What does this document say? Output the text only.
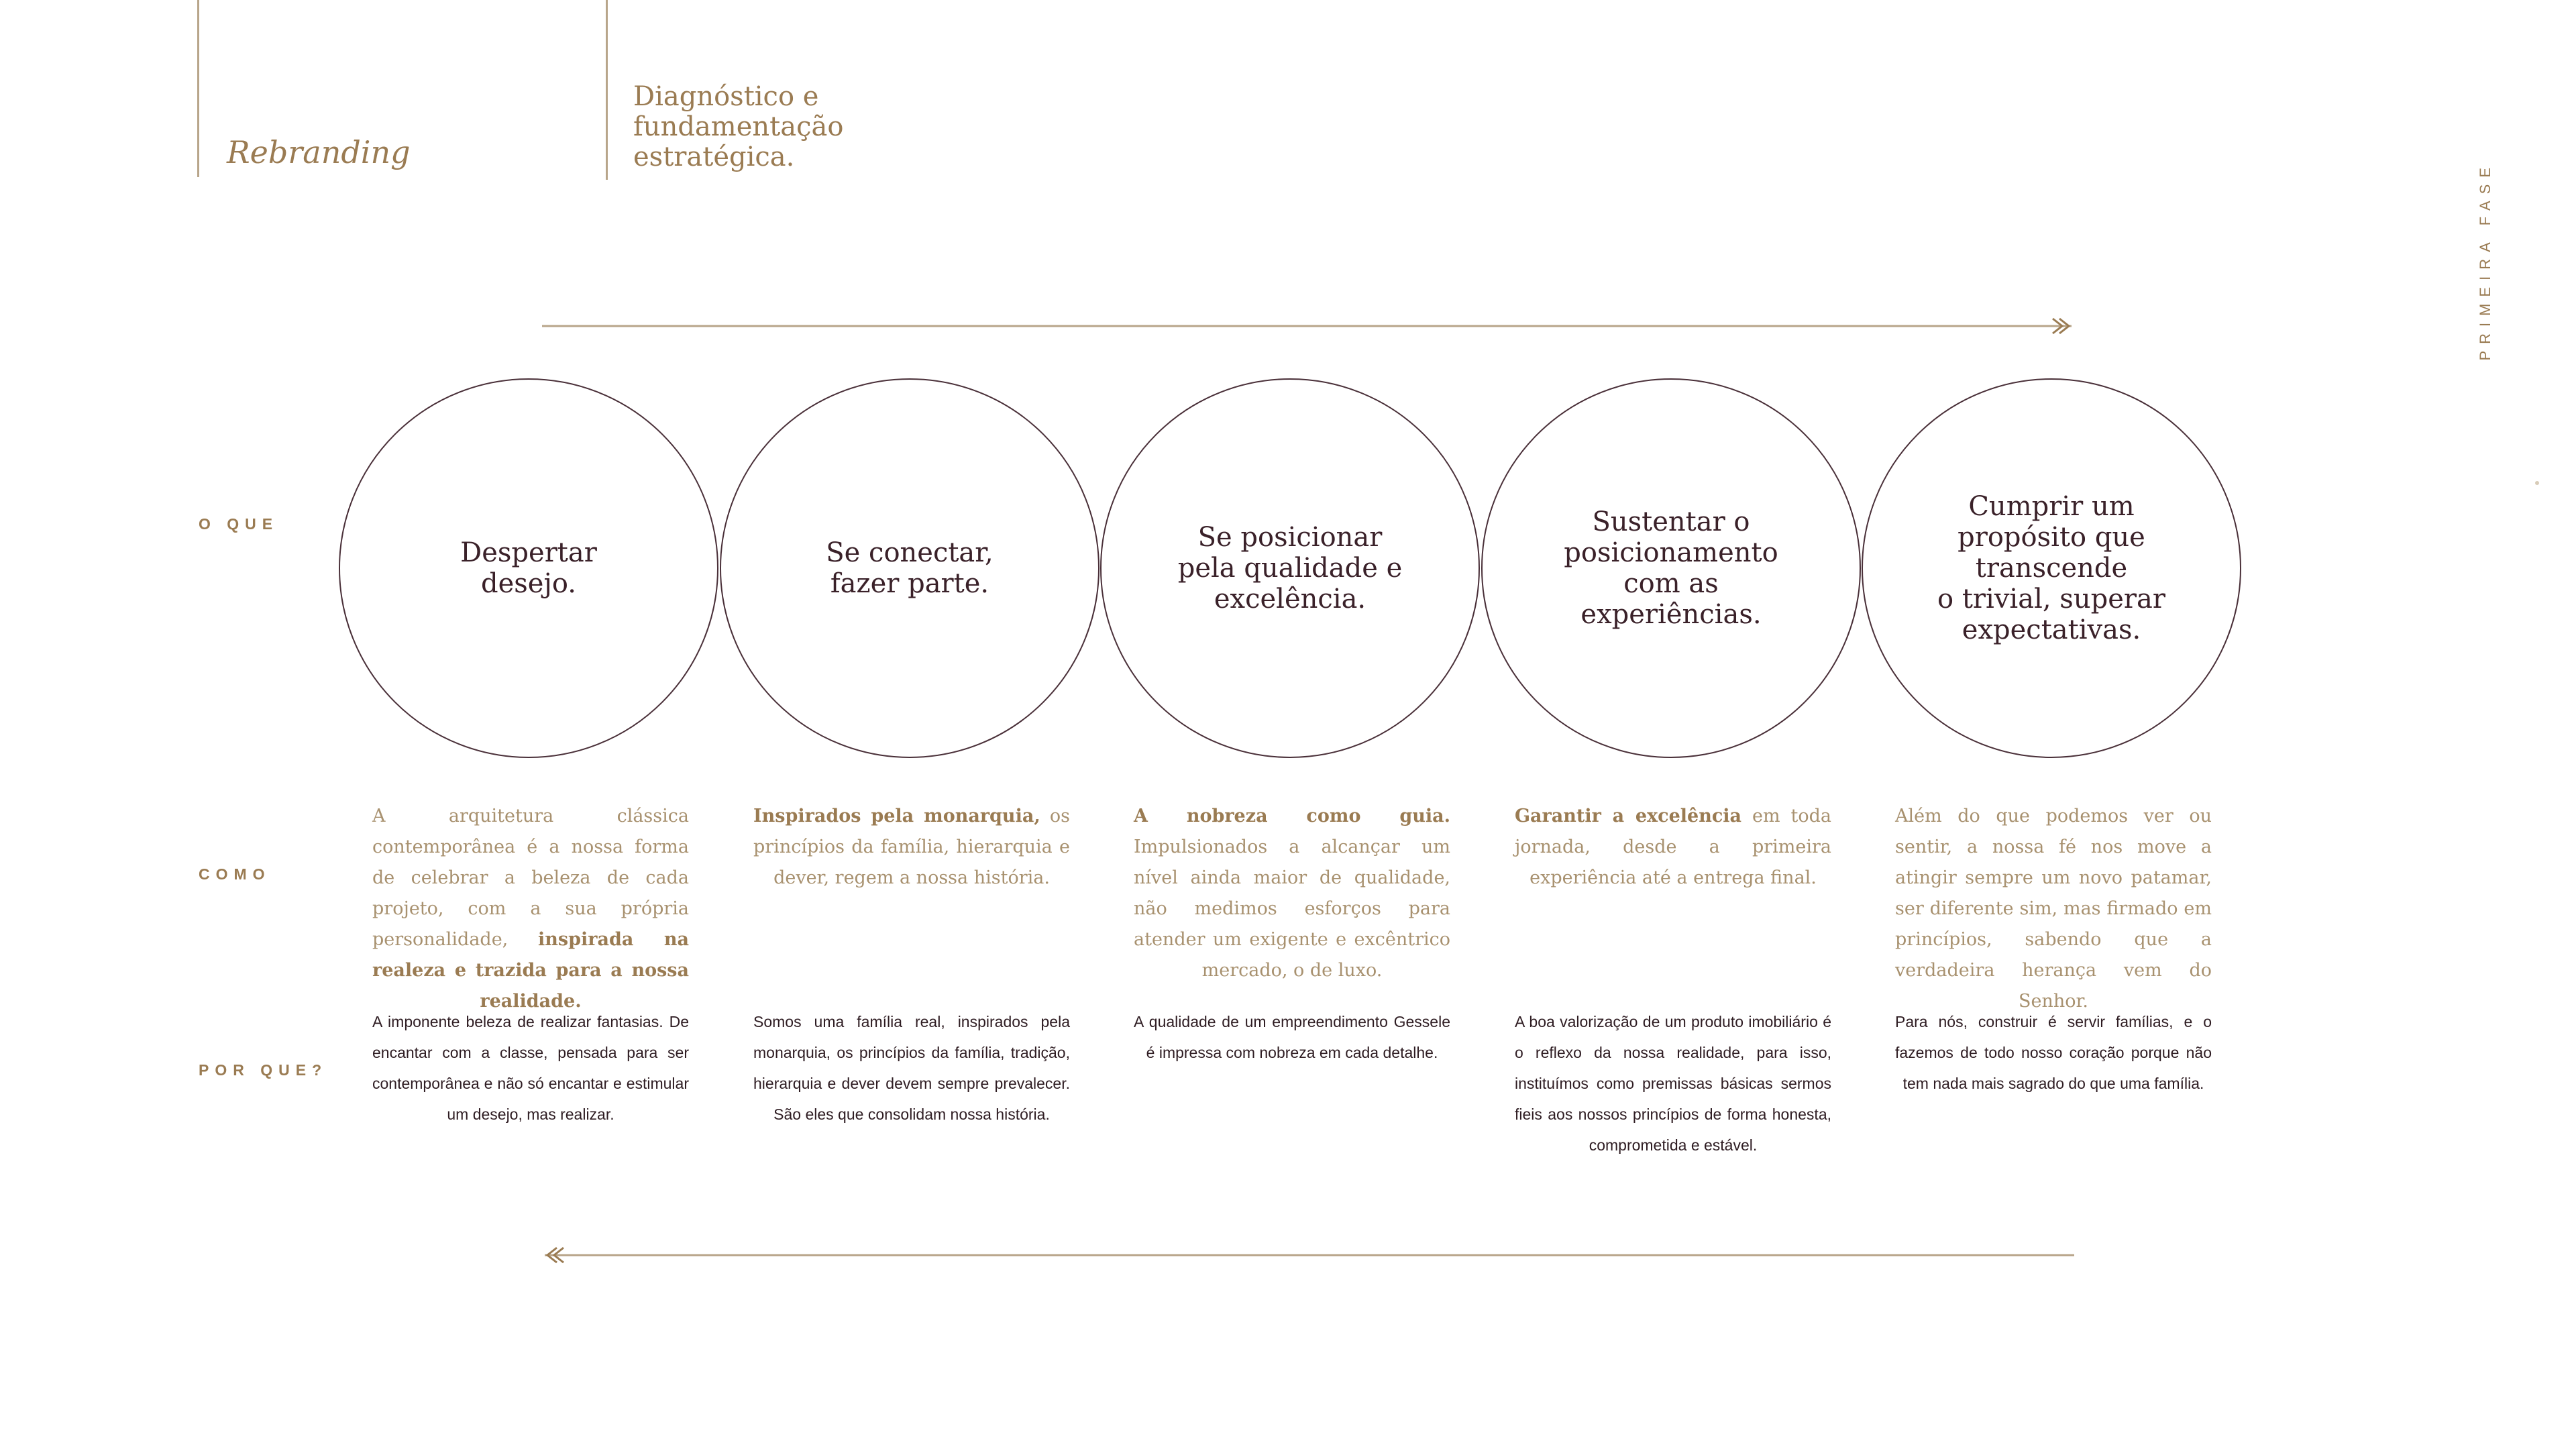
Rebranding

Diagnóstico e
fundamentação
estratégica.

PRIMEIRA FASE
O QUE
COMO
POR QUE?
Despertar
desejo.

A arquitetura clássica contemporânea é a nossa forma de celebrar a beleza de cada projeto, com a sua própria personalidade, inspirada na realeza e trazida para a nossa realidade.

A imponente beleza de realizar fantasias. De encantar com a classe, pensada para ser contemporânea e não só encantar e estimular um desejo, mas realizar.

Se conectar,
fazer parte.

Inspirados pela monarquia, os princípios da família, hierarquia e dever, regem a nossa história.

Somos uma família real, inspirados pela monarquia, os princípios da família, tradição, hierarquia e dever devem sempre prevalecer. São eles que consolidam nossa história.

Se posicionar
pela qualidade e
excelência.

A nobreza como guia. Impulsionados a alcançar um nível ainda maior de qualidade, não medimos esforços para atender um exigente e excêntrico mercado, o de luxo.

A qualidade de um empreendimento Gessele é impressa com nobreza em cada detalhe.

Sustentar o
posicionamento
com as
experiências.

Garantir a excelência em toda jornada, desde a primeira experiência até a entrega final.

A boa valorização de um produto imobiliário é o reflexo da nossa realidade, para isso, instituímos como premissas básicas sermos fieis aos nossos princípios de forma honesta, comprometida e estável.

Cumprir um
propósito que
transcende
o trivial, superar
expectativas.

Além do que podemos ver ou sentir, a nossa fé nos move a atingir sempre um novo patamar, ser diferente sim, mas firmado em princípios, sabendo que a verdadeira herança vem do Senhor.

Para nós, construir é servir famílias, e o fazemos de todo nosso coração porque não tem nada mais sagrado do que uma família.
